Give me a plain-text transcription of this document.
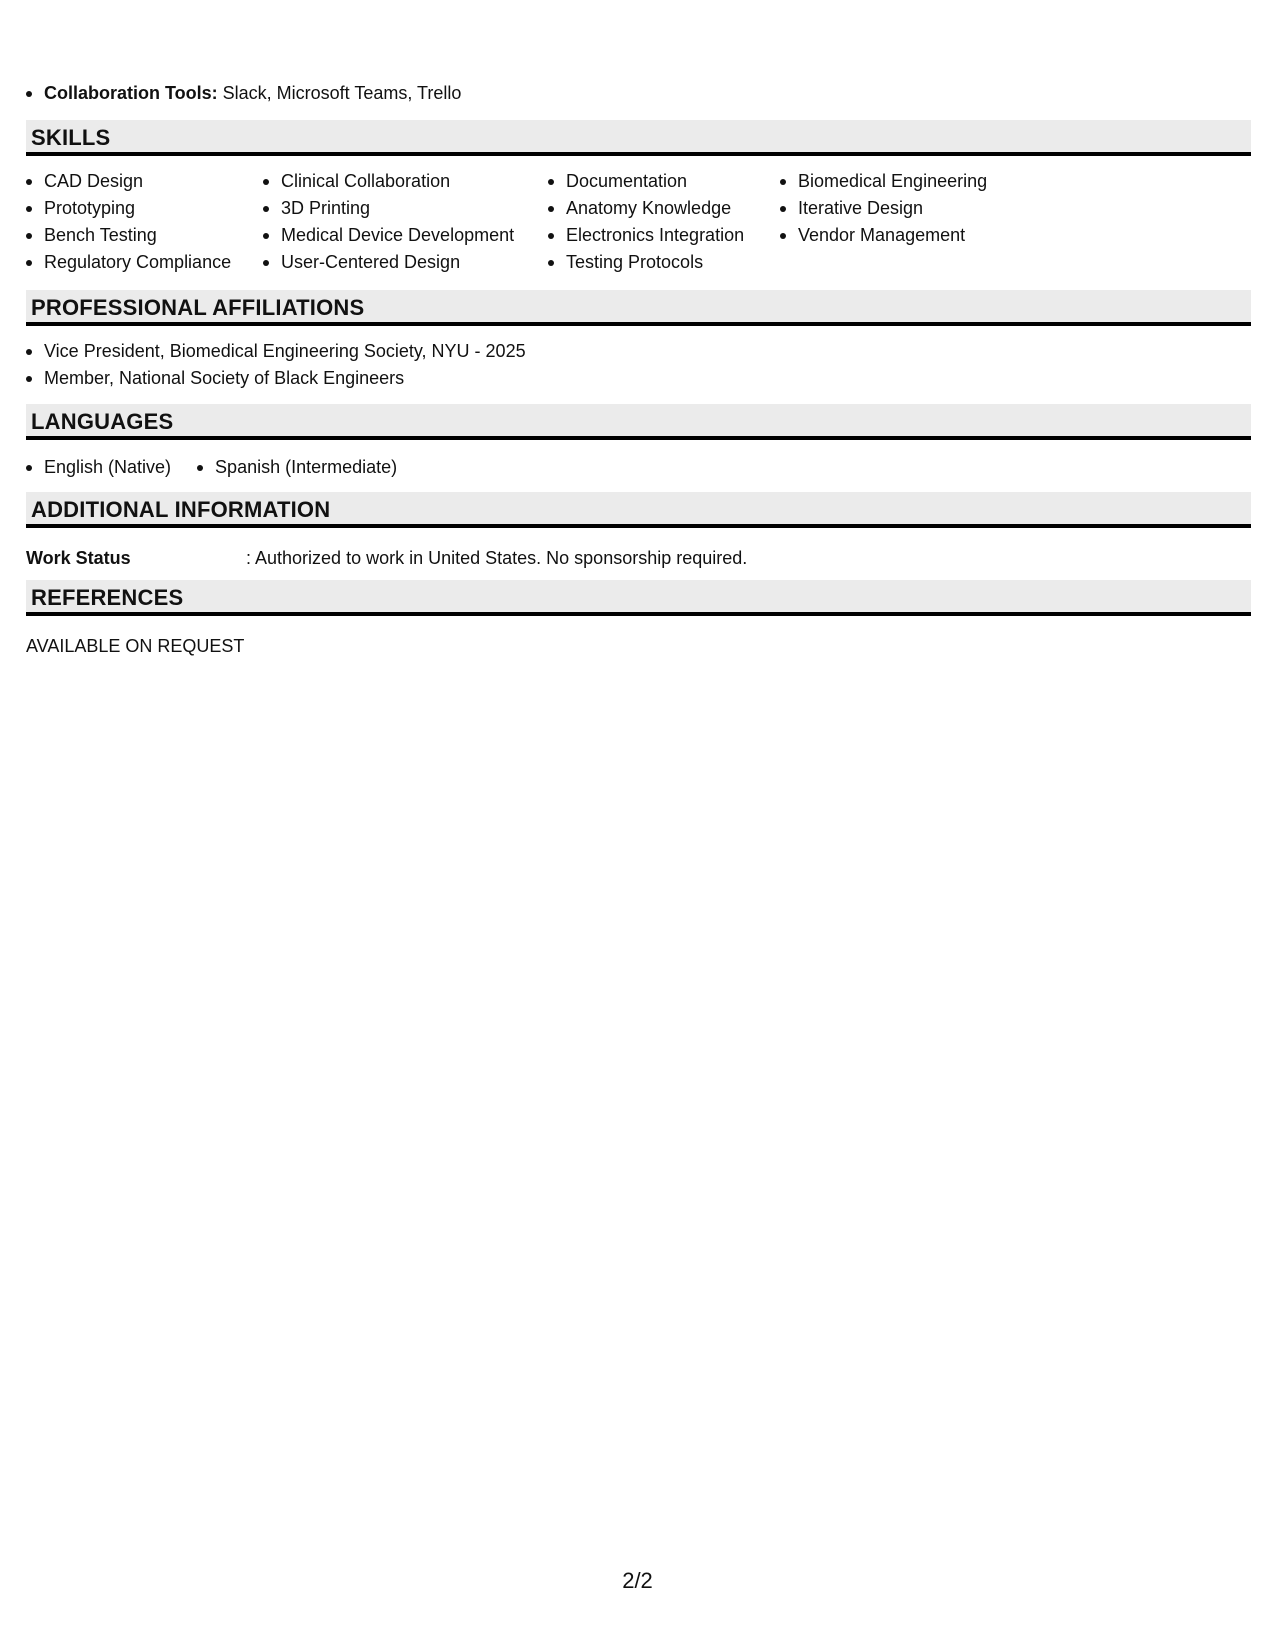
Collaboration Tools: Slack, Microsoft Teams, Trello
SKILLS
CAD Design
Prototyping
Bench Testing
Regulatory Compliance
Clinical Collaboration
3D Printing
Medical Device Development
User-Centered Design
Documentation
Anatomy Knowledge
Electronics Integration
Testing Protocols
Biomedical Engineering
Iterative Design
Vendor Management
PROFESSIONAL AFFILIATIONS
Vice President, Biomedical Engineering Society, NYU - 2025
Member, National Society of Black Engineers
LANGUAGES
English (Native)	Spanish (Intermediate)
ADDITIONAL INFORMATION
Work Status	: Authorized to work in United States. No sponsorship required.
REFERENCES
AVAILABLE ON REQUEST
2/2
